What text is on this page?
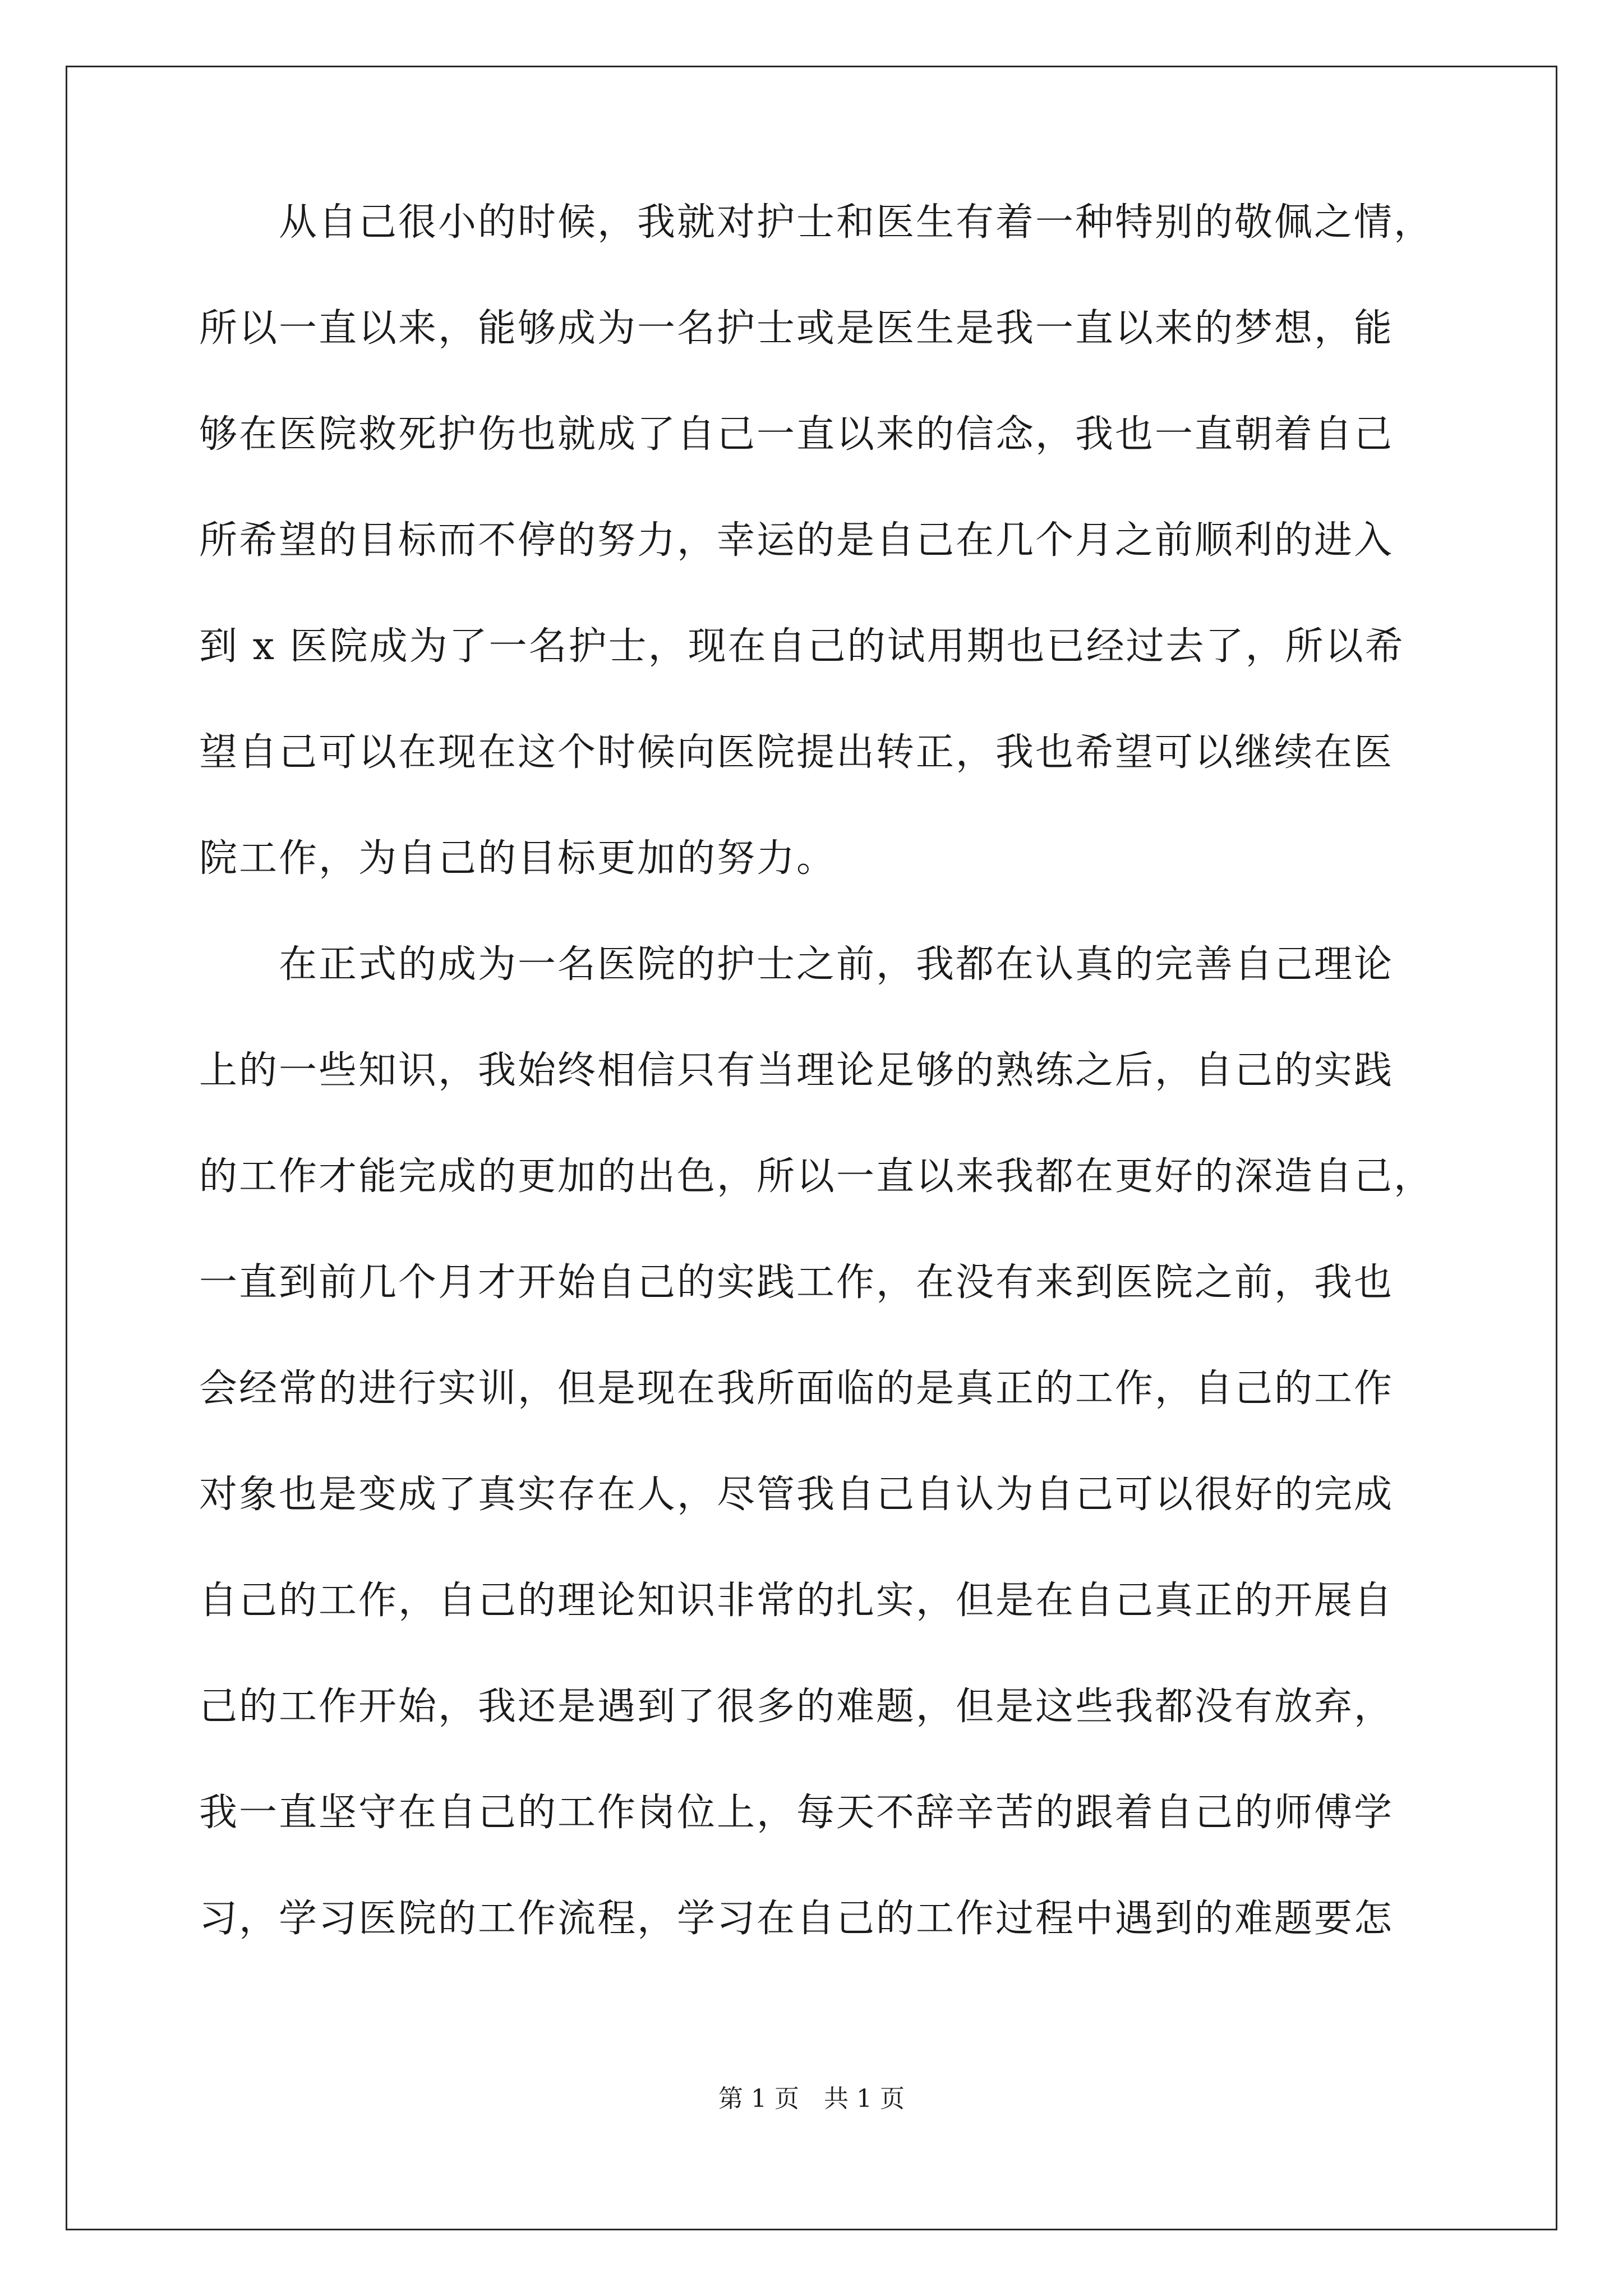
　　从自己很小的时候，我就对护士和医生有着一种特别的敬佩之情，
所以一直以来，能够成为一名护士或是医生是我一直以来的梦想，能
够在医院救死护伤也就成了自己一直以来的信念，我也一直朝着自己
所希望的目标而不停的努力，幸运的是自己在几个月之前顺利的进入
到 x 医院成为了一名护士，现在自己的试用期也已经过去了，所以希
望自己可以在现在这个时候向医院提出转正，我也希望可以继续在医
院工作，为自己的目标更加的努力。
　　在正式的成为一名医院的护士之前，我都在认真的完善自己理论
上的一些知识，我始终相信只有当理论足够的熟练之后，自己的实践
的工作才能完成的更加的出色，所以一直以来我都在更好的深造自己，
一直到前几个月才开始自己的实践工作，在没有来到医院之前，我也
会经常的进行实训，但是现在我所面临的是真正的工作，自己的工作
对象也是变成了真实存在人，尽管我自己自认为自己可以很好的完成
自己的工作，自己的理论知识非常的扎实，但是在自己真正的开展自
己的工作开始，我还是遇到了很多的难题，但是这些我都没有放弃，
我一直坚守在自己的工作岗位上，每天不辞辛苦的跟着自己的师傅学
习，学习医院的工作流程，学习在自己的工作过程中遇到的难题要怎
第 1 页　共 1 页
